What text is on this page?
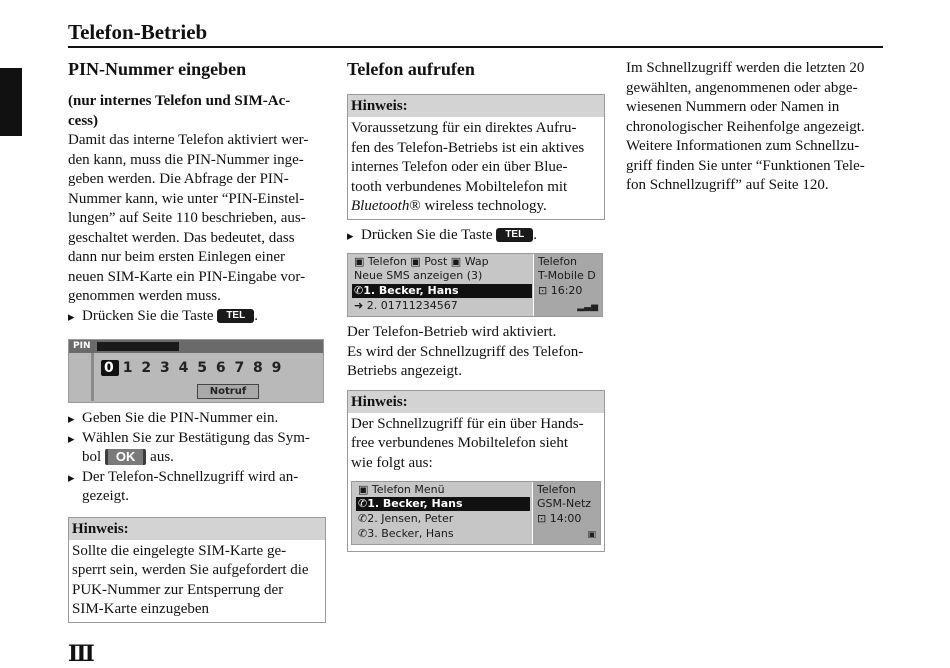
Telefon-Betrieb
PIN-Nummer eingeben

(nur internes Telefon und SIM-Ac-

cess)

Damit das interne Telefon aktiviert wer-

den kann, muss die PIN-Nummer inge-

geben werden. Die Abfrage der PIN-

Nummer kann, wie unter “PIN-Einstel-

lungen” auf Seite 110 beschrieben, aus-

geschaltet werden. Das bedeutet, dass

dann nur beim ersten Einlegen einer

neuen SIM-Karte ein PIN-Eingabe vor-

genommen werden muss.

▸ Drücken Sie die Taste TEL .
PIN
0 1 2 3 4 5 6 7 8 9
Notruf
▸ Geben Sie die PIN-Nummer ein.
▸ Wählen Sie zur Bestätigung das Sym-
bol OK aus.
▸ Der Telefon-Schnellzugriff wird an-
gezeigt.
Hinweis:

Sollte die eingelegte SIM-Karte ge-

sperrt sein, werden Sie aufgefordert die

PUK-Nummer zur Entsperrung der

SIM-Karte einzugeben

Telefon aufrufen
Hinweis:

Voraussetzung für ein direktes Aufru-

fen des Telefon-Betriebs ist ein aktives

internes Telefon oder ein über Blue-

tooth verbundenes Mobiltelefon mit

Bluetooth® wireless technology.

▸ Drücken Sie die Taste TEL .
▣ Telefon ▣ Post ▣ Wap
Neue SMS anzeigen (3)
✆1. Becker, Hans
➜ 2. 01711234567
Telefon
T-Mobile D
⊡ 16:20
▂▃▅

Der Telefon-Betrieb wird aktiviert.

Es wird der Schnellzugriff des Telefon-

Betriebs angezeigt.

Hinweis:

Der Schnellzugriff für ein über Hands-

free verbundenes Mobiltelefon sieht

wie folgt aus:

▣ Telefon Menü
✆1. Becker, Hans
✆2. Jensen, Peter
✆3. Becker, Hans
Telefon
GSM-Netz
⊡ 14:00
▣

Im Schnellzugriff werden die letzten 20

gewählten, angenommenen oder abge-

wiesenen Nummern oder Namen in

chronologischer Reihenfolge angezeigt.

Weitere Informationen zum Schnellzu-

griff finden Sie unter “Funktionen Tele-

fon Schnellzugriff” auf Seite 120.

Ⅲ
